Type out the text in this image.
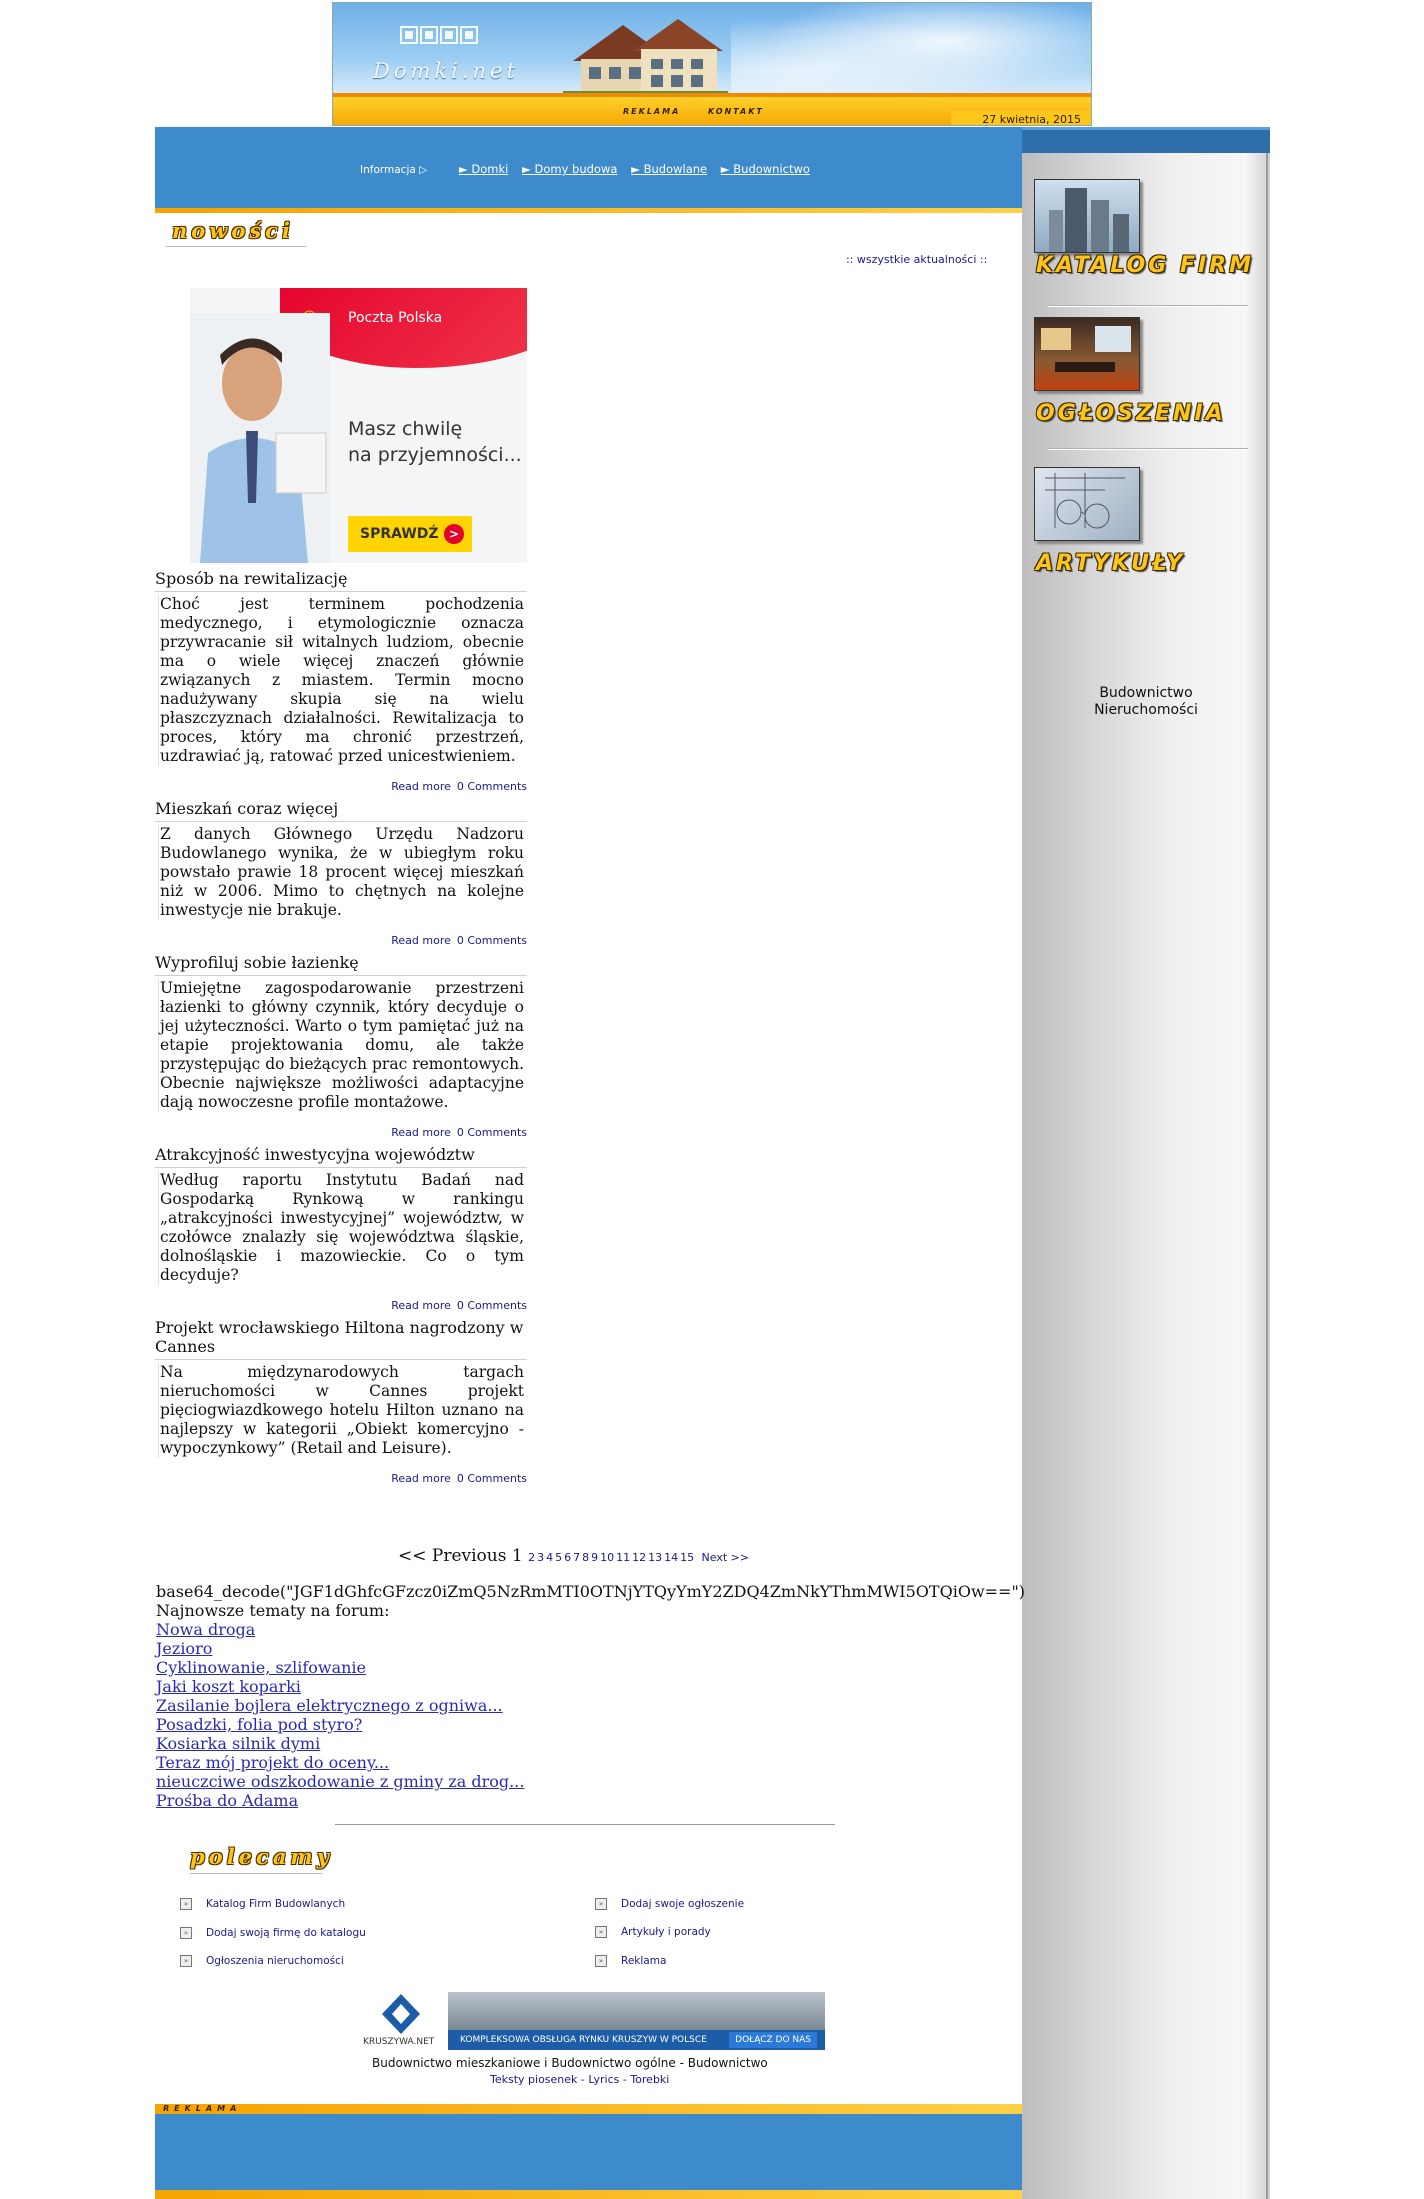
Domki.net
REKLAMA	KONTAKT
27 kwietnia, 2015
Informacja ▷	► Domki ► Domy budowa ► Budowlane ► Budownictwo
KATALOG FIRM
OGŁOSZENIA
ARTYKUŁY
Budownictwo
Nieruchomości
nowości
:: wszystkie aktualności ::
Poczta Polska
Masz chwilę
na przyjemności...
SPRAWDŹ >
Sposób na rewitalizację
Choć jest terminem pochodzenia medycznego, i etymologicznie oznacza przywracanie sił witalnych ludziom, obecnie ma o wiele więcej znaczeń głównie związanych z miastem. Termin mocno nadużywany skupia się na wielu płaszczyznach działalności. Rewitalizacja to proces, który ma chronić przestrzeń, uzdrawiać ją, ratować przed unicestwieniem.
Read more 0 Comments
Mieszkań coraz więcej
Z danych Głównego Urzędu Nadzoru Budowlanego wynika, że w ubiegłym roku powstało prawie 18 procent więcej mieszkań niż w 2006. Mimo to chętnych na kolejne inwestycje nie brakuje.
Read more 0 Comments
Wyprofiluj sobie łazienkę
Umiejętne zagospodarowanie przestrzeni łazienki to główny czynnik, który decyduje o jej użyteczności. Warto o tym pamiętać już na etapie projektowania domu, ale także przystępując do bieżących prac remontowych. Obecnie największe możliwości adaptacyjne dają nowoczesne profile montażowe.
Read more 0 Comments
Atrakcyjność inwestycyjna województw
Według raportu Instytutu Badań nad Gospodarką Rynkową w rankingu „atrakcyjności inwestycyjnej” województw, w czołówce znalazły się województwa śląskie, dolnośląskie i mazowieckie. Co o tym decyduje?
Read more 0 Comments
Projekt wrocławskiego Hiltona nagrodzony w Cannes
Na międzynarodowych targach nieruchomości w Cannes projekt pięciogwiazdkowego hotelu Hilton uznano na najlepszy w kategorii „Obiekt komercyjno - wypoczynkowy” (Retail and Leisure).
Read more 0 Comments
<< Previous 1 2 3 4 5 6 7 8 9 10 11 12 13 14 15 Next >>
base64_decode("JGF1dGhfcGFzcz0iZmQ5NzRmMTI0OTNjYTQyYmY2ZDQ4ZmNkYThmMWI5OTQiOw==")
Najnowsze tematy na forum:
Nowa droga
Jezioro
Cyklinowanie, szlifowanie
Jaki koszt koparki
Zasilanie bojlera elektrycznego z ogniwa...
Posadzki, folia pod styro?
Kosiarka silnik dymi
Teraz mój projekt do oceny...
nieuczciwe odszkodowanie z gminy za drog...
Prośba do Adama
polecamy
» Katalog Firm Budowlanych
» Dodaj swoją firmę do katalogu
» Ogłoszenia nieruchomości
» Dodaj swoje ogłoszenie
» Artykuły i porady
» Reklama
KRUSZYWA.NET	KOMPLEKSOWA OBSŁUGA RYNKU KRUSZYW W POLSCE	DOŁĄCZ DO NAS
Budownictwo mieszkaniowe i Budownictwo ogólne - Budownictwo
Teksty piosenek - Lyrics - Torebki
REKLAMA
